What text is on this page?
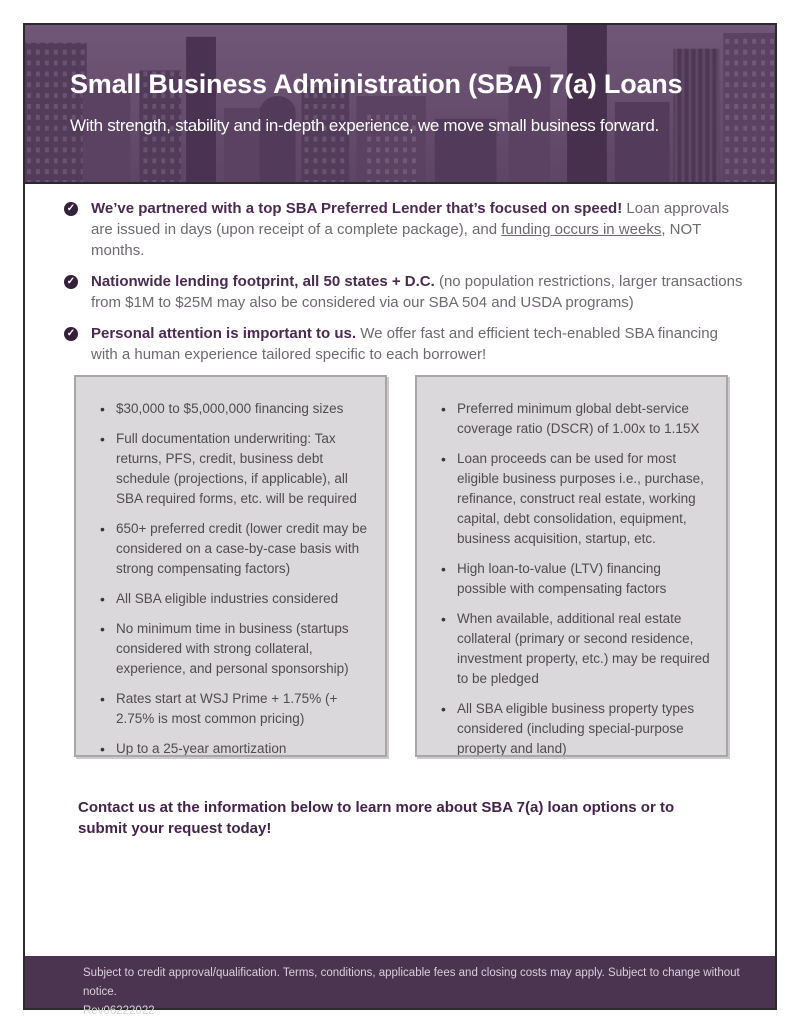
Small Business Administration (SBA) 7(a) Loans
With strength, stability and in-depth experience, we move small business forward.
✓ We’ve partnered with a top SBA Preferred Lender that’s focused on speed! Loan approvals are issued in days (upon receipt of a complete package), and funding occurs in weeks, NOT months.
✓ Nationwide lending footprint, all 50 states + D.C. (no population restrictions, larger transactions from $1M to $25M may also be considered via our SBA 504 and USDA programs)
✓ Personal attention is important to us. We offer fast and efficient tech-enabled SBA financing with a human experience tailored specific to each borrower!
• $30,000 to $5,000,000 financing sizes
• Full documentation underwriting: Tax returns, PFS, credit, business debt schedule (projections, if applicable), all SBA required forms, etc. will be required
• 650+ preferred credit (lower credit may be considered on a case-by-case basis with strong compensating factors)
• All SBA eligible industries considered
• No minimum time in business (startups considered with strong collateral, experience, and personal sponsorship)
• Rates start at WSJ Prime + 1.75% (+ 2.75% is most common pricing)
• Up to a 25-year amortization
• Preferred minimum global debt-service coverage ratio (DSCR) of 1.00x to 1.15X
• Loan proceeds can be used for most eligible business purposes i.e., purchase, refinance, construct real estate, working capital, debt consolidation, equipment, business acquisition, startup, etc.
• High loan-to-value (LTV) financing possible with compensating factors
• When available, additional real estate collateral (primary or second residence, investment property, etc.) may be required to be pledged
• All SBA eligible business property types considered (including special-purpose property and land)
Contact us at the information below to learn more about SBA 7(a) loan options or to submit your request today!
Subject to credit approval/qualification. Terms, conditions, applicable fees and closing costs may apply. Subject to change without notice.
Rev06222022
